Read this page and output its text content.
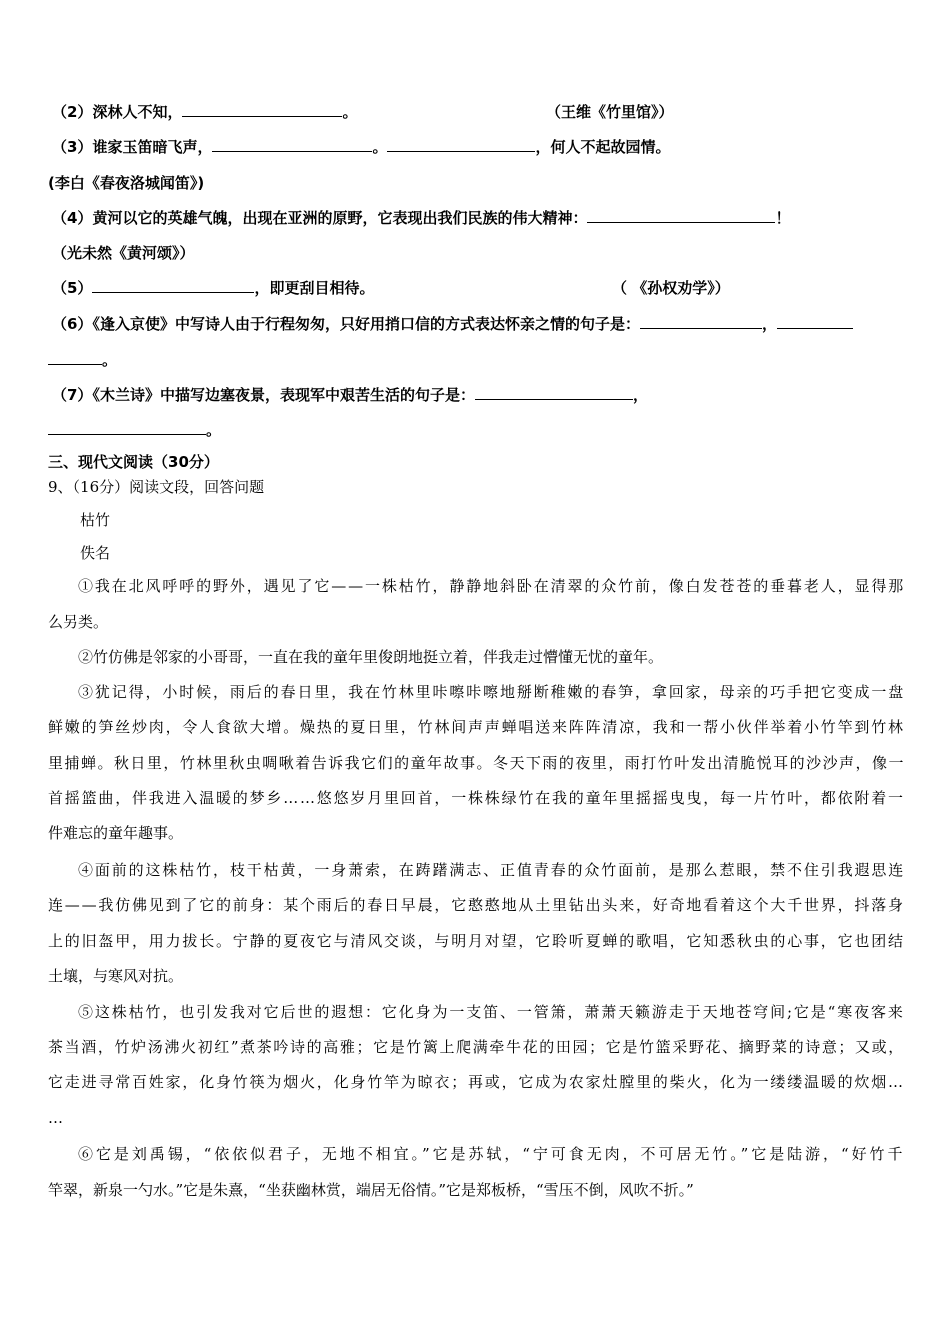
（2）深林人不知，	。	（王维《竹里馆》）
（3）谁家玉笛暗飞声，	。	，何人不起故园情。
(李白《春夜洛城闻笛》)
（4）黄河以它的英雄气魄，出现在亚洲的原野，它表现出我们民族的伟大精神：	！
（光未然《黄河颂》）
（5）	，即更刮目相待。	（ 《孙权劝学》）
（6）《逢入京使》中写诗人由于行程匆匆，只好用捎口信的方式表达怀亲之情的句子是：	，
。
（7）《木兰诗》中描写边塞夜景，表现军中艰苦生活的句子是：	，
。
三、现代文阅读（30分）
9、（16分）阅读文段，回答问题
枯竹
佚名
①我在北风呼呼的野外，遇见了它——一株枯竹，静静地斜卧在清翠的众竹前，像白发苍苍的垂暮老人，显得那
么另类。
②竹仿佛是邻家的小哥哥，一直在我的童年里俊朗地挺立着，伴我走过懵懂无忧的童年。
③犹记得，小时候，雨后的春日里，我在竹林里咔嚓咔嚓地掰断稚嫩的春笋，拿回家，母亲的巧手把它变成一盘
鲜嫩的笋丝炒肉，令人食欲大增。燥热的夏日里，竹林间声声蝉唱送来阵阵清凉，我和一帮小伙伴举着小竹竿到竹林
里捕蝉。秋日里，竹林里秋虫啁啾着告诉我它们的童年故事。冬天下雨的夜里，雨打竹叶发出清脆悦耳的沙沙声，像一
首摇篮曲，伴我进入温暖的梦乡……悠悠岁月里回首，一株株绿竹在我的童年里摇摇曳曳，每一片竹叶，都依附着一
件难忘的童年趣事。
④面前的这株枯竹，枝干枯黄，一身萧索，在踌躇满志、正值青春的众竹面前，是那么惹眼，禁不住引我遐思连
连——我仿佛见到了它的前身：某个雨后的春日早晨，它憨憨地从土里钻出头来，好奇地看着这个大千世界，抖落身
上的旧盔甲，用力拔长。宁静的夏夜它与清风交谈，与明月对望，它聆听夏蝉的歌唱，它知悉秋虫的心事，它也团结
土壤，与寒风对抗。
⑤这株枯竹，也引发我对它后世的遐想：它化身为一支笛、一管箫，萧萧天籁游走于天地苍穹间;它是“寒夜客来
茶当酒，竹炉汤沸火初红”煮茶吟诗的高雅；它是竹篱上爬满牵牛花的田园；它是竹篮采野花、摘野菜的诗意；又或，
它走进寻常百姓家，化身竹筷为烟火，化身竹竿为晾衣；再或，它成为农家灶膛里的柴火，化为一缕缕温暖的炊烟…
…
⑥它是刘禹锡，“依依似君子，无地不相宜。”它是苏轼，“宁可食无肉，不可居无竹。”它是陆游，“好竹千
竿翠，新泉一勺水。”它是朱熹，“坐获幽林赏，端居无俗情。”它是郑板桥，“雪压不倒，风吹不折。”
